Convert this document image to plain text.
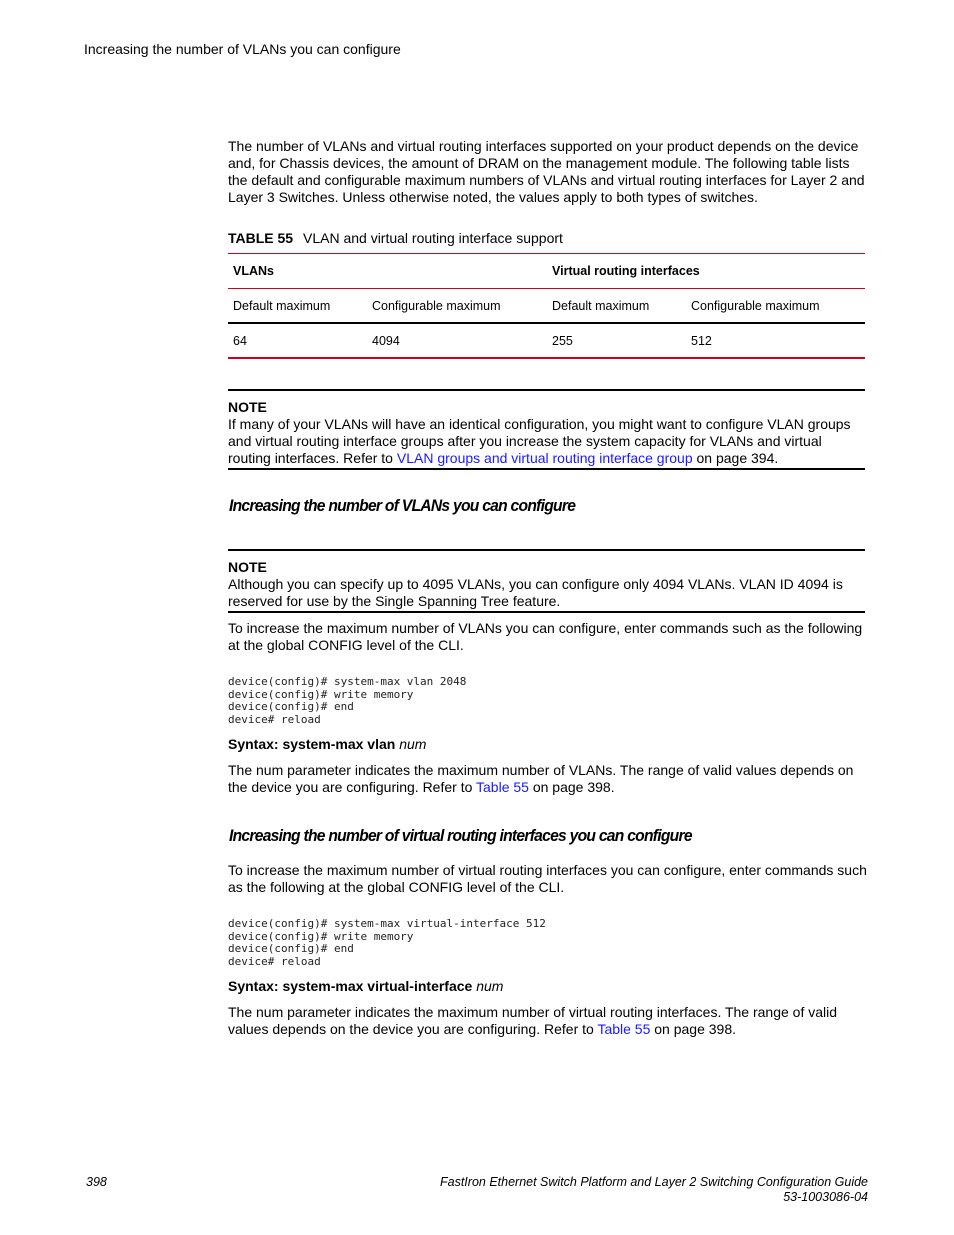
Increasing the number of VLANs you can configure
The number of VLANs and virtual routing interfaces supported on your product depends on the device and, for Chassis devices, the amount of DRAM on the management module. The following table lists the default and configurable maximum numbers of VLANs and virtual routing interfaces for Layer 2 and Layer 3 Switches. Unless otherwise noted, the values apply to both types of switches.
TABLE 55 VLAN and virtual routing interface support
VLANs		Virtual routing interfaces	
Default maximum	Configurable maximum	Default maximum	Configurable maximum
64	4094	255	512
NOTE
If many of your VLANs will have an identical configuration, you might want to configure VLAN groups and virtual routing interface groups after you increase the system capacity for VLANs and virtual routing interfaces. Refer to VLAN groups and virtual routing interface group on page 394.
Increasing the number of VLANs you can configure
NOTE
Although you can specify up to 4095 VLANs, you can configure only 4094 VLANs. VLAN ID 4094 is reserved for use by the Single Spanning Tree feature.
To increase the maximum number of VLANs you can configure, enter commands such as the following at the global CONFIG level of the CLI.
device(config)# system-max vlan 2048
device(config)# write memory
device(config)# end
device# reload
Syntax: system-max vlan num
The num parameter indicates the maximum number of VLANs. The range of valid values depends on the device you are configuring. Refer to Table 55 on page 398.
Increasing the number of virtual routing interfaces you can configure
To increase the maximum number of virtual routing interfaces you can configure, enter commands such as the following at the global CONFIG level of the CLI.
device(config)# system-max virtual-interface 512
device(config)# write memory
device(config)# end
device# reload
Syntax: system-max virtual-interface num
The num parameter indicates the maximum number of virtual routing interfaces. The range of valid values depends on the device you are configuring. Refer to Table 55 on page 398.
398	FastIron Ethernet Switch Platform and Layer 2 Switching Configuration Guide
53-1003086-04
